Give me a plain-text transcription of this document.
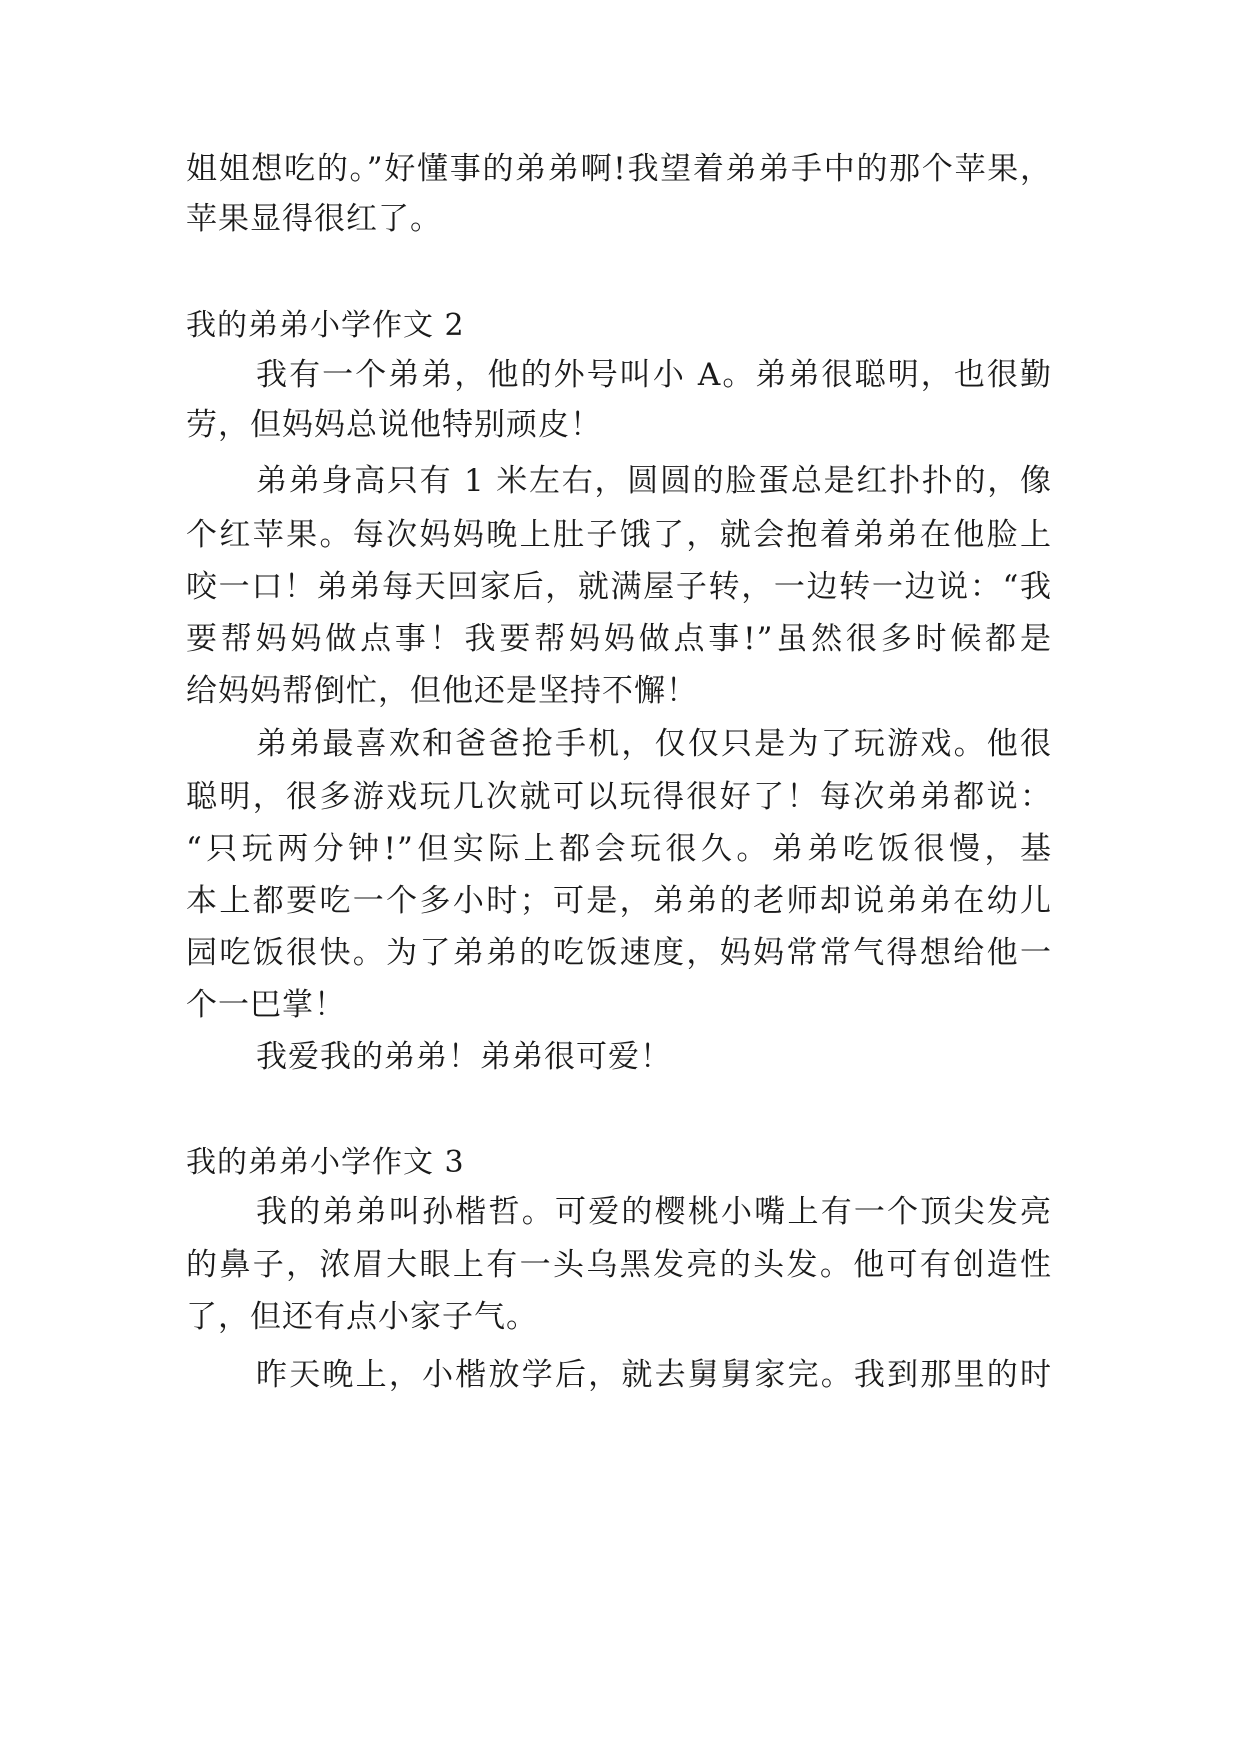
姐姐想吃的。”好懂事的弟弟啊!我望着弟弟手中的那个苹果，

苹果显得很红了。

我的弟弟小学作文 2

我有一个弟弟，他的外号叫小 A。弟弟很聪明，也很勤

劳，但妈妈总说他特别顽皮！

弟弟身高只有 1 米左右，圆圆的脸蛋总是红扑扑的，像

个红苹果。每次妈妈晚上肚子饿了，就会抱着弟弟在他脸上

咬一口！弟弟每天回家后，就满屋子转，一边转一边说：“我

要帮妈妈做点事！我要帮妈妈做点事!”虽然很多时候都是

给妈妈帮倒忙，但他还是坚持不懈！

弟弟最喜欢和爸爸抢手机，仅仅只是为了玩游戏。他很

聪明，很多游戏玩几次就可以玩得很好了！每次弟弟都说：

“只玩两分钟!”但实际上都会玩很久。弟弟吃饭很慢，基

本上都要吃一个多小时；可是，弟弟的老师却说弟弟在幼儿

园吃饭很快。为了弟弟的吃饭速度，妈妈常常气得想给他一

个一巴掌！

我爱我的弟弟！弟弟很可爱！

我的弟弟小学作文 3

我的弟弟叫孙楷哲。可爱的樱桃小嘴上有一个顶尖发亮

的鼻子，浓眉大眼上有一头乌黑发亮的头发。他可有创造性

了，但还有点小家子气。

昨天晚上，小楷放学后，就去舅舅家完。我到那里的时
